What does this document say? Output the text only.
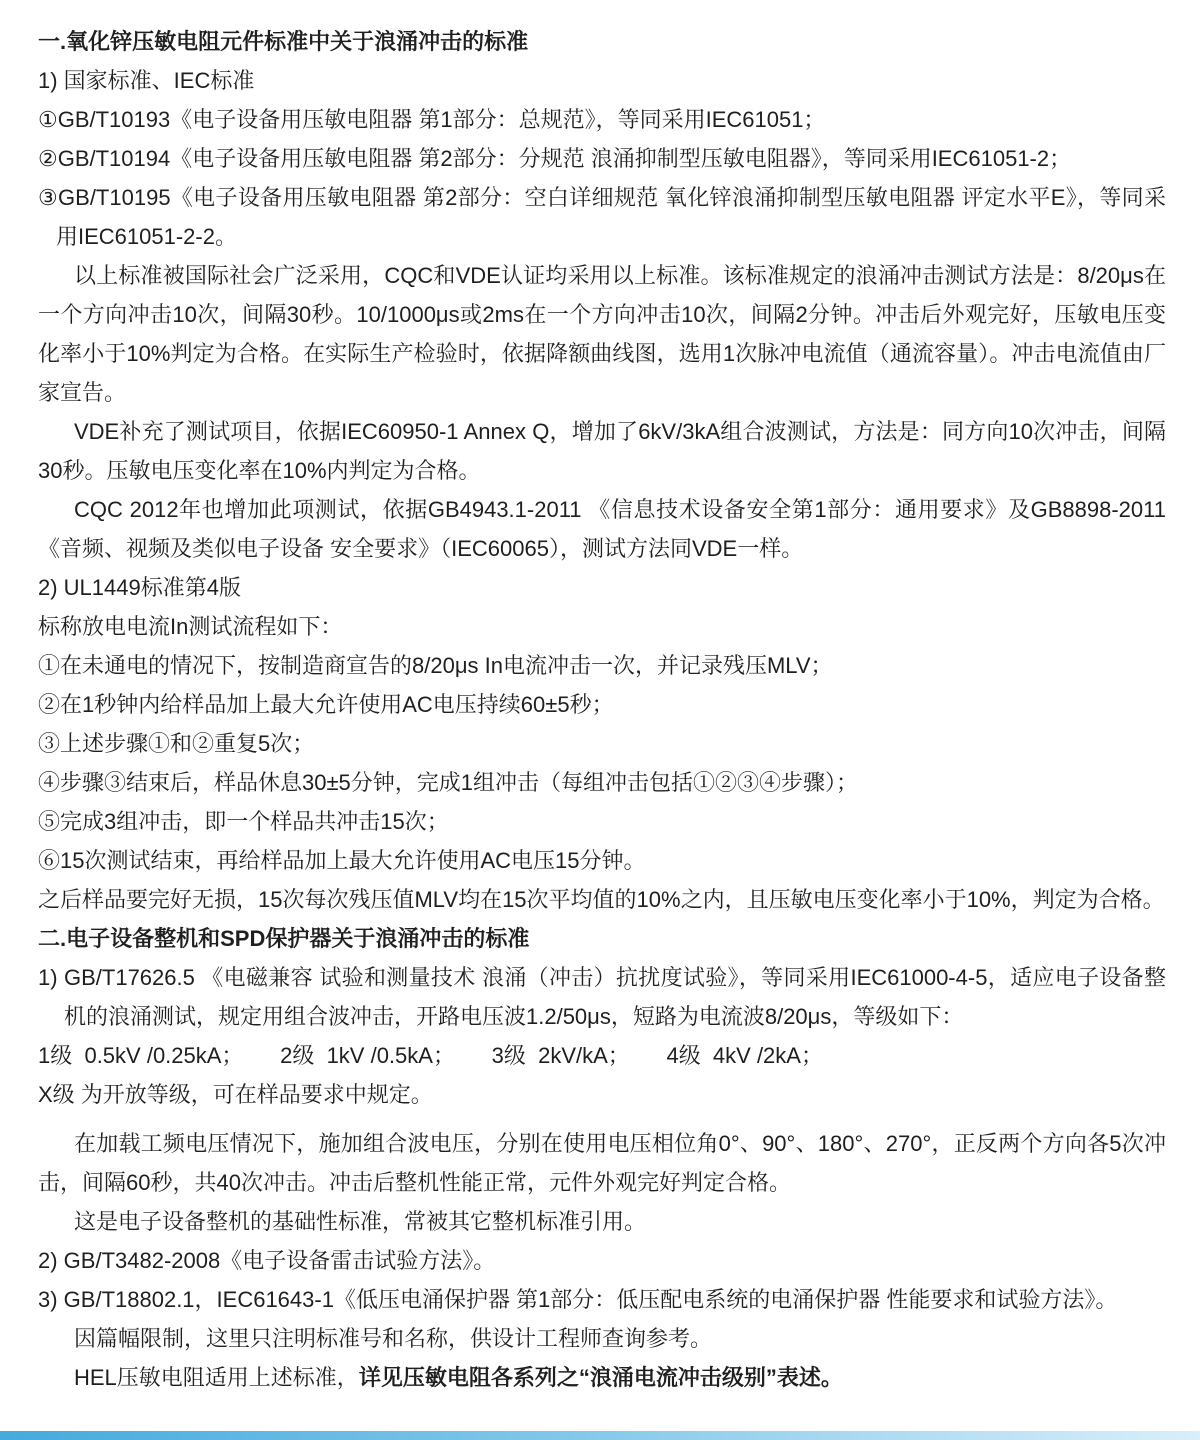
一.氧化锌压敏电阻元件标准中关于浪涌冲击的标准

1) 国家标准、IEC标准

①GB/T10193《电子设备用压敏电阻器 第1部分：总规范》，等同采用IEC61051；

②GB/T10194《电子设备用压敏电阻器 第2部分：分规范 浪涌抑制型压敏电阻器》，等同采用IEC61051-2；

③GB/T10195《电子设备用压敏电阻器 第2部分：空白详细规范 氧化锌浪涌抑制型压敏电阻器 评定水平E》，等同采用IEC61051-2-2。

以上标准被国际社会广泛采用，CQC和VDE认证均采用以上标准。该标准规定的浪涌冲击测试方法是：8/20μs在一个方向冲击10次，间隔30秒。10/1000μs或2ms在一个方向冲击10次，间隔2分钟。冲击后外观完好，压敏电压变化率小于10%判定为合格。在实际生产检验时，依据降额曲线图，选用1次脉冲电流值（通流容量）。冲击电流值由厂家宣告。

VDE补充了测试项目，依据IEC60950-1 Annex Q，增加了6kV/3kA组合波测试，方法是：同方向10次冲击，间隔30秒。压敏电压变化率在10%内判定为合格。

CQC 2012年也增加此项测试，依据GB4943.1-2011 《信息技术设备安全第1部分：通用要求》及GB8898-2011《音频、视频及类似电子设备 安全要求》（IEC60065），测试方法同VDE一样。

2) UL1449标准第4版

标称放电电流In测试流程如下：

①在未通电的情况下，按制造商宣告的8/20μs In电流冲击一次，并记录残压MLV；

②在1秒钟内给样品加上最大允许使用AC电压持续60±5秒；

③上述步骤①和②重复5次；

④步骤③结束后，样品休息30±5分钟，完成1组冲击（每组冲击包括①②③④步骤）；

⑤完成3组冲击，即一个样品共冲击15次；

⑥15次测试结束，再给样品加上最大允许使用AC电压15分钟。

之后样品要完好无损，15次每次残压值MLV均在15次平均值的10%之内，且压敏电压变化率小于10%，判定为合格。

二.电子设备整机和SPD保护器关于浪涌冲击的标准

1) GB/T17626.5 《电磁兼容 试验和测量技术 浪涌（冲击）抗扰度试验》，等同采用IEC61000-4-5，适应电子设备整机的浪涌测试，规定用组合波冲击，开路电压波1.2/50μs，短路为电流波8/20μs，等级如下：

1级  0.5kV /0.25kA；      2级  1kV /0.5kA；      3级  2kV/kA；      4级  4kV /2kA；

X级 为开放等级，可在样品要求中规定。

在加载工频电压情况下，施加组合波电压，分别在使用电压相位角0°、90°、180°、270°，正反两个方向各5次冲击，间隔60秒，共40次冲击。冲击后整机性能正常，元件外观完好判定合格。

这是电子设备整机的基础性标准，常被其它整机标准引用。

2) GB/T3482-2008《电子设备雷击试验方法》。

3) GB/T18802.1，IEC61643-1《低压电涌保护器 第1部分：低压配电系统的电涌保护器 性能要求和试验方法》。

因篇幅限制，这里只注明标准号和名称，供设计工程师查询参考。

HEL压敏电阻适用上述标准，详见压敏电阻各系列之“浪涌电流冲击级别”表述。
